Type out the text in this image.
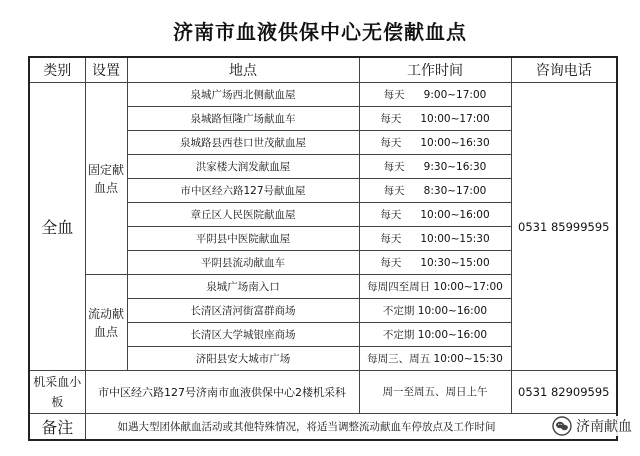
济南市血液供保中心无偿献血点
类别	设置	地点	工作时间	咨询电话
全血	固定献血点	泉城广场西北侧献血屋	每天 9:00~17:00	0531 85999595
		泉城路恒隆广场献血车	每天 10:00~17:00	
		泉城路县西巷口世茂献血屋	每天 10:00~16:30	
		洪家楼大润发献血屋	每天 9:30~16:30	
		市中区经六路127号献血屋	每天 8:30~17:00	
		章丘区人民医院献血屋	每天 10:00~16:00	
		平阴县中医院献血屋	每天 10:00~15:30	
		平阴县流动献血车	每天 10:30~15:00	
	流动献血点	泉城广场南入口	每周四至周日 10:00~17:00	
		长清区清河街富群商场	不定期 10:00~16:00	
		长清区大学城银座商场	不定期 10:00~16:00	
		济阳县安大城市广场	每周三、周五 10:00~15:30	
机采血小板	市中区经六路127号济南市血液供保中心2楼机采科		周一至周五、周日上午	0531 82909595
备注	如遇大型团体献血活动或其他特殊情况，将适当调整流动献血车停放点及工作时间				济南献血
